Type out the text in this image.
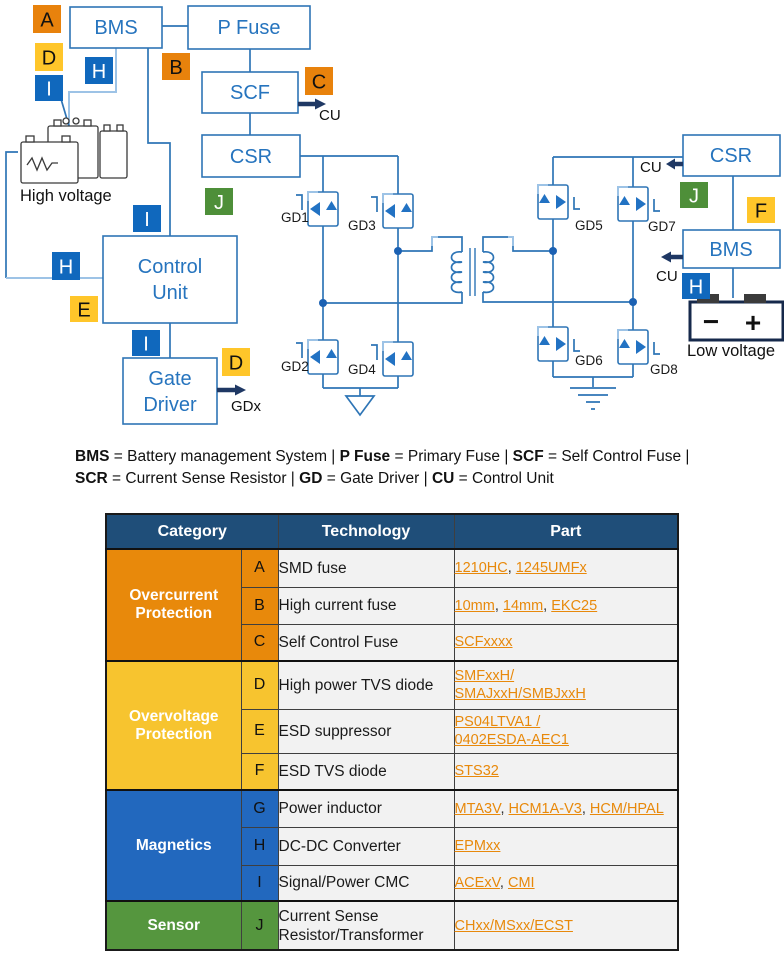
BMS	P Fuse
SCF
CSR
Control
Unit
Gate
Driver
CSR
BMS
− +
A
D
I
H	B
C
J
I
H
E
I
D
J
F
H
CU
GDx
CU
CU
High voltage
Low voltage
GD1
GD3
GD2	GD4
GD5	GD7
GD6
GD8
BMS = Battery management System | P Fuse = Primary Fuse | SCF = Self Control Fuse |
SCR = Current Sense Resistor | GD = Gate Driver | CU = Control Unit
Category		Technology	Part
Overcurrent Protection	A	SMD fuse	1210HC, 1245UMFx
	B	High current fuse	10mm, 14mm, EKC25
	C	Self Control Fuse	SCFxxxx
Overvoltage Protection	D	High power TVS diode	SMFxxH/
SMAJxxH/SMBJxxH
	E	ESD suppressor	PS04LTVA1 /
0402ESDA-AEC1
	F	ESD TVS diode	STS32
Magnetics	G	Power inductor	MTA3V, HCM1A-V3, HCM/HPAL
	H	DC-DC Converter	EPMxx
	I	Signal/Power CMC	ACExV, CMI
Sensor	J	Current Sense Resistor/Transformer	CHxx/MSxx/ECST
